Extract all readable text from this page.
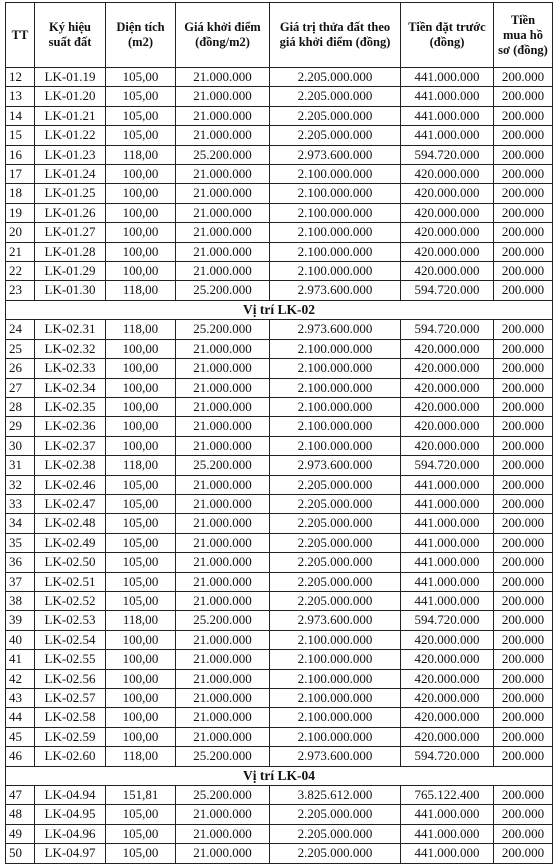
TT	Ký hiệu suất đất	Diện tích (m2)	Giá khởi điểm (đồng/m2)	Giá trị thửa đất theo giá khởi điểm (đồng)	Tiền đặt trước (đồng)	Tiền mua hồ sơ (đồng)
12	LK-01.19	105,00	21.000.000	2.205.000.000	441.000.000	200.000
13	LK-01.20	105,00	21.000.000	2.205.000.000	441.000.000	200.000
14	LK-01.21	105,00	21.000.000	2.205.000.000	441.000.000	200.000
15	LK-01.22	105,00	21.000.000	2.205.000.000	441.000.000	200.000
16	LK-01.23	118,00	25.200.000	2.973.600.000	594.720.000	200.000
17	LK-01.24	100,00	21.000.000	2.100.000.000	420.000.000	200.000
18	LK-01.25	100,00	21.000.000	2.100.000.000	420.000.000	200.000
19	LK-01.26	100,00	21.000.000	2.100.000.000	420.000.000	200.000
20	LK-01.27	100,00	21.000.000	2.100.000.000	420.000.000	200.000
21	LK-01.28	100,00	21.000.000	2.100.000.000	420.000.000	200.000
22	LK-01.29	100,00	21.000.000	2.100.000.000	420.000.000	200.000
23	LK-01.30	118,00	25.200.000	2.973.600.000	594.720.000	200.000
Vị trí LK-02						
24	LK-02.31	118,00	25.200.000	2.973.600.000	594.720.000	200.000
25	LK-02.32	100,00	21.000.000	2.100.000.000	420.000.000	200.000
26	LK-02.33	100,00	21.000.000	2.100.000.000	420.000.000	200.000
27	LK-02.34	100,00	21.000.000	2.100.000.000	420.000.000	200.000
28	LK-02.35	100,00	21.000.000	2.100.000.000	420.000.000	200.000
29	LK-02.36	100,00	21.000.000	2.100.000.000	420.000.000	200.000
30	LK-02.37	100,00	21.000.000	2.100.000.000	420.000.000	200.000
31	LK-02.38	118,00	25.200.000	2.973.600.000	594.720.000	200.000
32	LK-02.46	105,00	21.000.000	2.205.000.000	441.000.000	200.000
33	LK-02.47	105,00	21.000.000	2.205.000.000	441.000.000	200.000
34	LK-02.48	105,00	21.000.000	2.205.000.000	441.000.000	200.000
35	LK-02.49	105,00	21.000.000	2.205.000.000	441.000.000	200.000
36	LK-02.50	105,00	21.000.000	2.205.000.000	441.000.000	200.000
37	LK-02.51	105,00	21.000.000	2.205.000.000	441.000.000	200.000
38	LK-02.52	105,00	21.000.000	2.205.000.000	441.000.000	200.000
39	LK-02.53	118,00	25.200.000	2.973.600.000	594.720.000	200.000
40	LK-02.54	100,00	21.000.000	2.100.000.000	420.000.000	200.000
41	LK-02.55	100,00	21.000.000	2.100.000.000	420.000.000	200.000
42	LK-02.56	100,00	21.000.000	2.100.000.000	420.000.000	200.000
43	LK-02.57	100,00	21.000.000	2.100.000.000	420.000.000	200.000
44	LK-02.58	100,00	21.000.000	2.100.000.000	420.000.000	200.000
45	LK-02.59	100,00	21.000.000	2.100.000.000	420.000.000	200.000
46	LK-02.60	118,00	25.200.000	2.973.600.000	594.720.000	200.000
Vị trí LK-04						
47	LK-04.94	151,81	25.200.000	3.825.612.000	765.122.400	200.000
48	LK-04.95	105,00	21.000.000	2.205.000.000	441.000.000	200.000
49	LK-04.96	105,00	21.000.000	2.205.000.000	441.000.000	200.000
50	LK-04.97	105,00	21.000.000	2.205.000.000	441.000.000	200.000
